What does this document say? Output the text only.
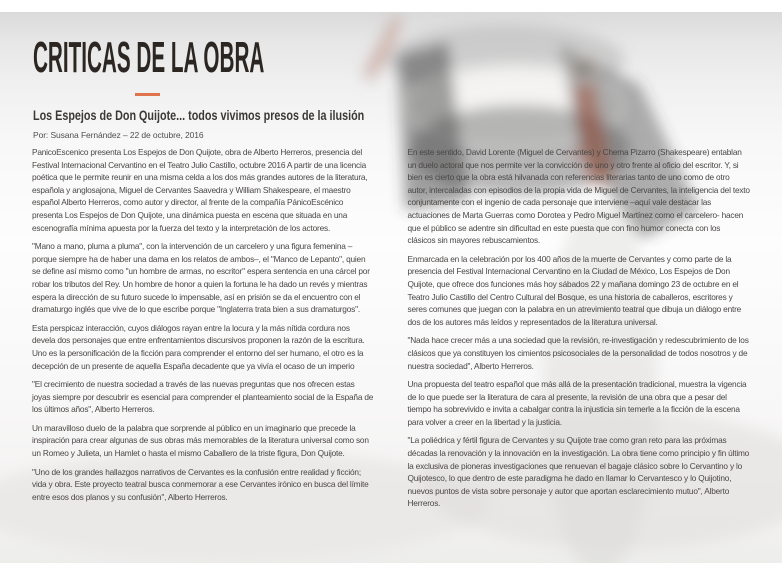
CRITICAS DE LA OBRA
Los Espejos de Don Quijote... todos vivimos presos de la ilusión
Por: Susana Fernández – 22 de octubre, 2016

PanicoEscenico presenta Los Espejos de Don Quijote, obra de Alberto Herreros, presencia del Festival Internacional Cervantino en el Teatro Julio Castillo, octubre 2016 A partir de una licencia poética que le permite reunir en una misma celda a los dos más grandes autores de la literatura, española y anglosajona, Miguel de Cervantes Saavedra y William Shakespeare, el maestro español Alberto Herreros, como autor y director, al frente de la compañía PánicoEscénico presenta Los Espejos de Don Quijote, una dinámica puesta en escena que situada en una escenografía mínima apuesta por la fuerza del texto y la interpretación de los actores.

"Mano a mano, pluma a pluma", con la intervención de un carcelero y una figura femenina – porque siempre ha de haber una dama en los relatos de ambos–, el "Manco de Lepanto", quien se define así mismo como "un hombre de armas, no escritor" espera sentencia en una cárcel por robar los tributos del Rey. Un hombre de honor a quien la fortuna le ha dado un revés y mientras espera la dirección de su futuro sucede lo impensable, así en prisión se da el encuentro con el dramaturgo inglés que vive de lo que escribe porque "Inglaterra trata bien a sus dramaturgos".

Esta perspicaz interacción, cuyos diálogos rayan entre la locura y la más nítida cordura nos devela dos personajes que entre enfrentamientos discursivos proponen la razón de la escritura. Uno es la personificación de la ficción para comprender el entorno del ser humano, el otro es la decepción de un presente de aquella España decadente que ya vivía el ocaso de un imperio

"El crecimiento de nuestra sociedad a través de las nuevas preguntas que nos ofrecen estas joyas siempre por descubrir es esencial para comprender el planteamiento social de la España de los últimos años", Alberto Herreros.

Un maravilloso duelo de la palabra que sorprende al público en un imaginario que precede la inspiración para crear algunas de sus obras más memorables de la literatura universal como son un Romeo y Julieta, un Hamlet o hasta el mismo Caballero de la triste figura, Don Quijote.

"Uno de los grandes hallazgos narrativos de Cervantes es la confusión entre realidad y ficción; vida y obra. Este proyecto teatral busca conmemorar a ese Cervantes irónico en busca del límite entre esos dos planos y su confusión", Alberto Herreros.

En este sentido, David Lorente (Miguel de Cervantes) y Chema Pizarro (Shakespeare) entablan un duelo actoral que nos permite ver la convicción de uno y otro frente al oficio del escritor. Y, si bien es cierto que la obra está hilvanada con referencias literarias tanto de uno como de otro autor, intercaladas con episodios de la propia vida de Miguel de Cervantes, la inteligencia del texto conjuntamente con el ingenio de cada personaje que interviene –aquí vale destacar las actuaciones de Marta Guerras como Dorotea y Pedro Miguel Martínez como el carcelero- hacen que el público se adentre sin dificultad en este puesta que con fino humor conecta con los clásicos sin mayores rebuscamientos.

Enmarcada en la celebración por los 400 años de la muerte de Cervantes y como parte de la presencia del Festival Internacional Cervantino en la Ciudad de México, Los Espejos de Don Quijote, que ofrece dos funciones más hoy sábados 22 y mañana domingo 23 de octubre en el Teatro Julio Castillo del Centro Cultural del Bosque, es una historia de caballeros, escritores y seres comunes que juegan con la palabra en un atrevimiento teatral que dibuja un diálogo entre dos de los autores más leídos y representados de la literatura universal.

"Nada hace crecer más a una sociedad que la revisión, re-investigación y redescubrimiento de los clásicos que ya constituyen los cimientos psicosociales de la personalidad de todos nosotros y de nuestra sociedad", Alberto Herreros.

Una propuesta del teatro español que más allá de la presentación tradicional, muestra la vigencia de lo que puede ser la literatura de cara al presente, la revisión de una obra que a pesar del tiempo ha sobrevivido e invita a cabalgar contra la injusticia sin temerle a la ficción de la escena para volver a creer en la libertad y la justicia.

"La poliédrica y fértil figura de Cervantes y su Quijote trae como gran reto para las próximas décadas la renovación y la innovación en la investigación. La obra tiene como principio y fin último la exclusiva de pioneras investigaciones que renuevan el bagaje clásico sobre lo Cervantino y lo Quijotesco, lo que dentro de este paradigma he dado en llamar lo Cervantesco y lo Quijotino, nuevos puntos de vista sobre personaje y autor que aportan esclarecimiento mutuo", Alberto Herreros.
